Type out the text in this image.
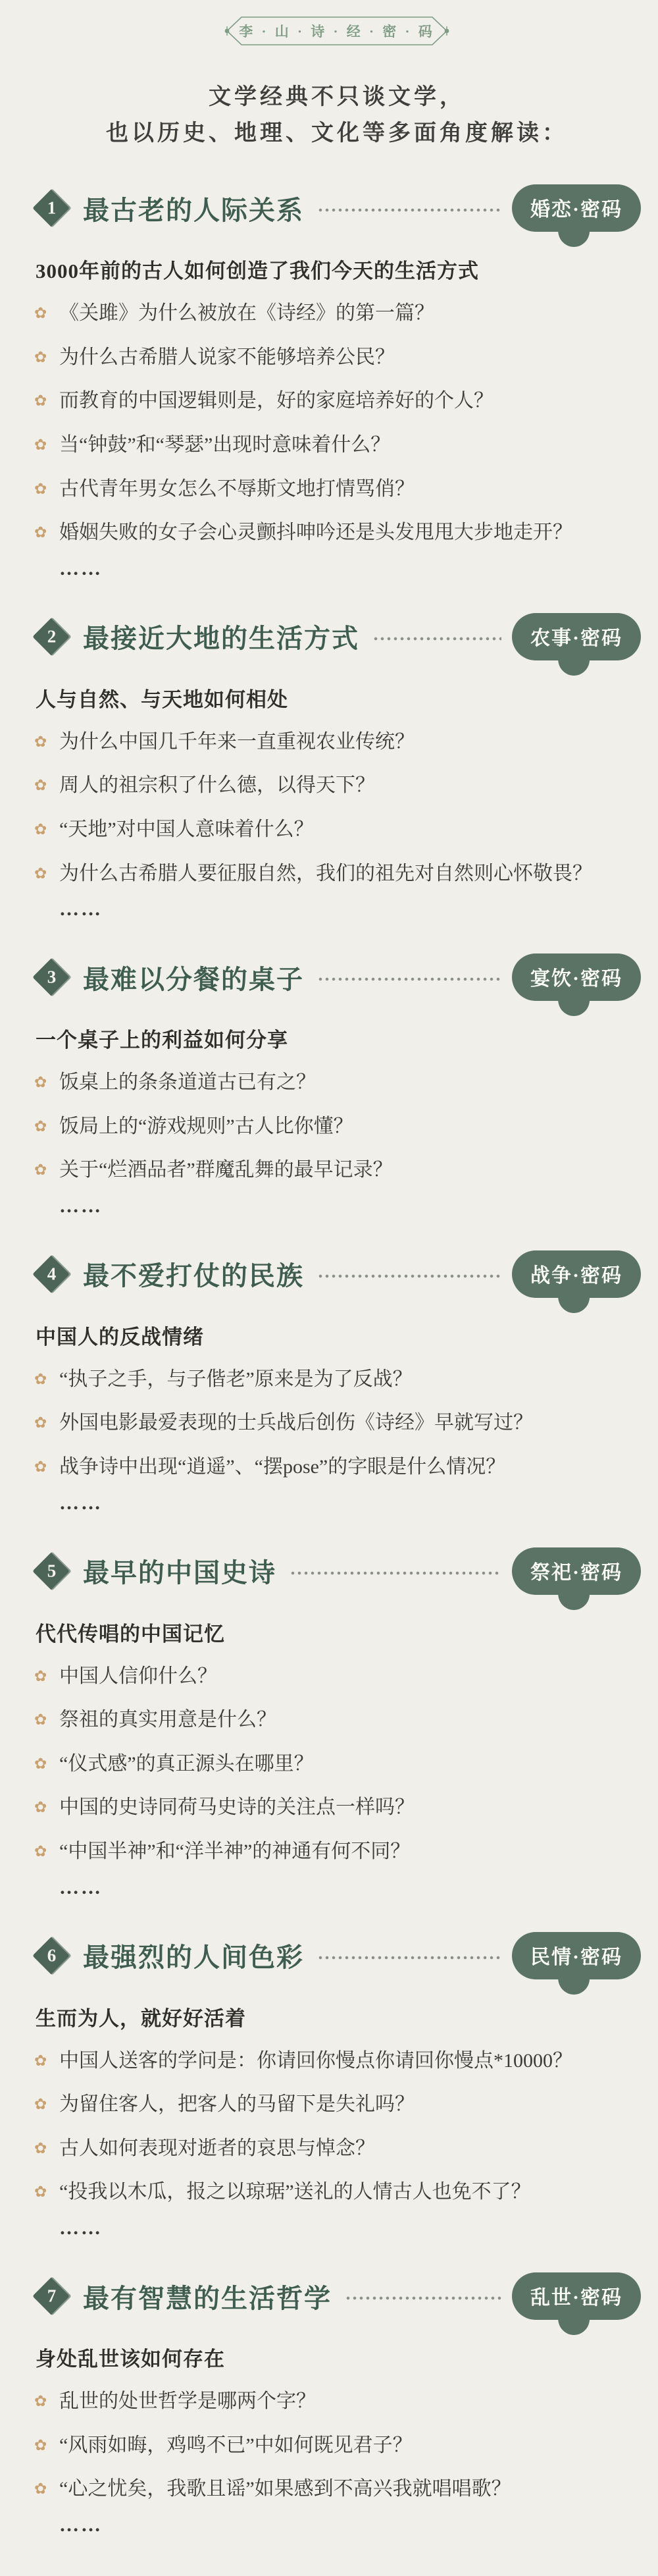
李 · 山 · 诗 · 经 · 密 · 码
文学经典不只谈文学，
也以历史、地理、文化等多面角度解读：
1 最古老的人际关系	婚恋·密码
3000年前的古人如何创造了我们今天的生活方式
✿ 《关雎》为什么被放在《诗经》的第一篇？
✿ 为什么古希腊人说家不能够培养公民？
✿ 而教育的中国逻辑则是，好的家庭培养好的个人？
✿ 当“钟鼓”和“琴瑟”出现时意味着什么？
✿ 古代青年男女怎么不辱斯文地打情骂俏？
✿ 婚姻失败的女子会心灵颤抖呻吟还是头发甩甩大步地走开？
……
2 最接近大地的生活方式	农事·密码
人与自然、与天地如何相处
✿ 为什么中国几千年来一直重视农业传统？
✿ 周人的祖宗积了什么德，以得天下？
✿ “天地”对中国人意味着什么？
✿ 为什么古希腊人要征服自然，我们的祖先对自然则心怀敬畏？
……
3 最难以分餐的桌子	宴饮·密码
一个桌子上的利益如何分享
✿ 饭桌上的条条道道古已有之？
✿ 饭局上的“游戏规则”古人比你懂？
✿ 关于“烂酒品者”群魔乱舞的最早记录？
……
4 最不爱打仗的民族	战争·密码
中国人的反战情绪
✿ “执子之手，与子偕老”原来是为了反战？
✿ 外国电影最爱表现的士兵战后创伤《诗经》早就写过？
✿ 战争诗中出现“逍遥”、“摆pose”的字眼是什么情况？
……
5 最早的中国史诗	祭祀·密码
代代传唱的中国记忆
✿ 中国人信仰什么？
✿ 祭祖的真实用意是什么？
✿ “仪式感”的真正源头在哪里？
✿ 中国的史诗同荷马史诗的关注点一样吗？
✿ “中国半神”和“洋半神”的神通有何不同？
……
6 最强烈的人间色彩	民情·密码
生而为人，就好好活着
✿ 中国人送客的学问是：你请回你慢点你请回你慢点*10000？
✿ 为留住客人，把客人的马留下是失礼吗？
✿ 古人如何表现对逝者的哀思与悼念？
✿ “投我以木瓜，报之以琼琚”送礼的人情古人也免不了？
……
7 最有智慧的生活哲学	乱世·密码
身处乱世该如何存在
✿ 乱世的处世哲学是哪两个字？
✿ “风雨如晦，鸡鸣不已”中如何既见君子？
✿ “心之忧矣，我歌且谣”如果感到不高兴我就唱唱歌？
……
